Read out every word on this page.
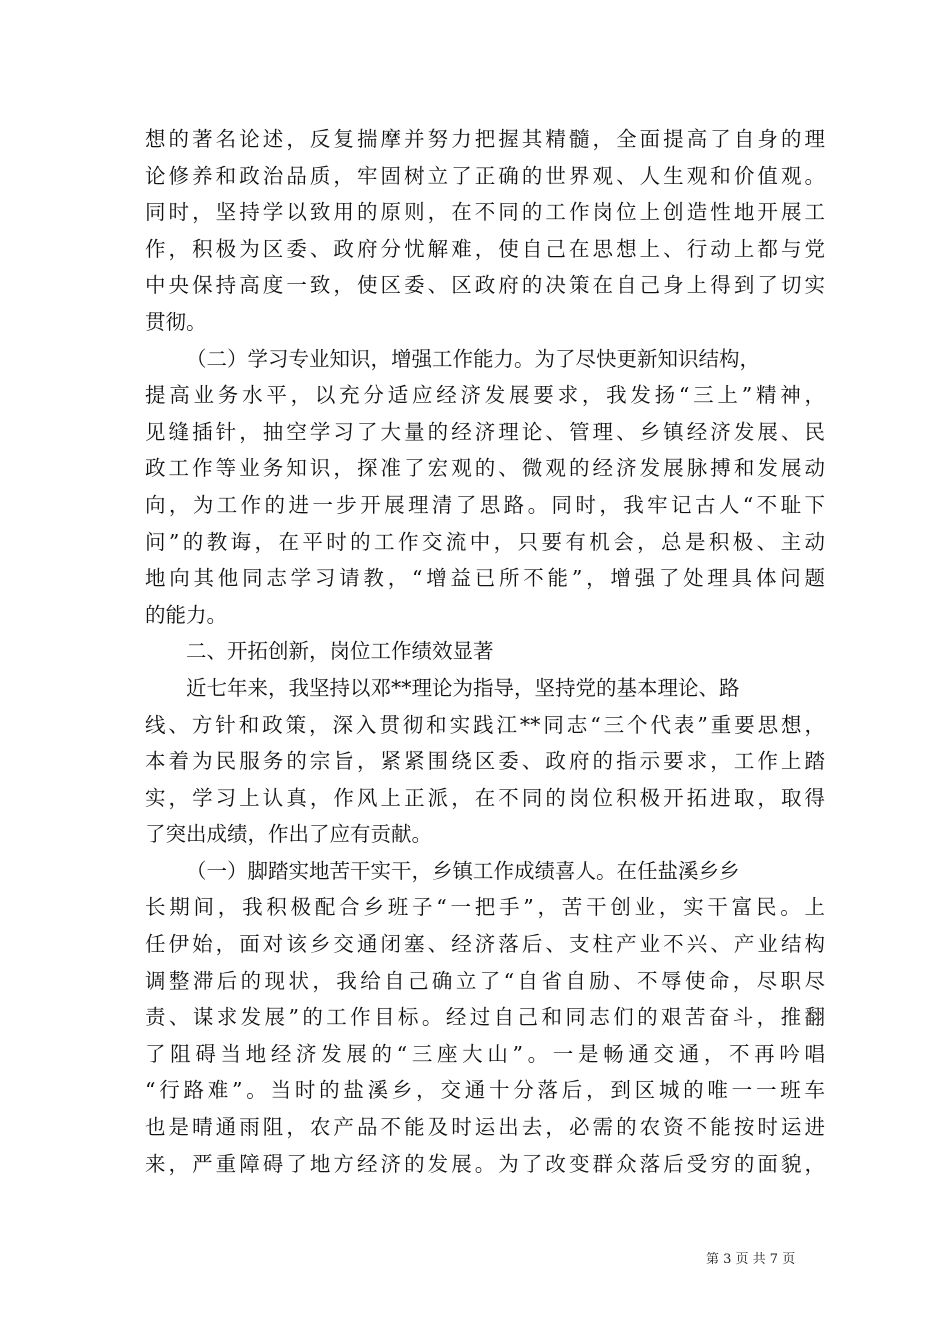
想的著名论述，反复揣摩并努力把握其精髓，全面提高了自身的理
论修养和政治品质，牢固树立了正确的世界观、人生观和价值观。
同时，坚持学以致用的原则，在不同的工作岗位上创造性地开展工
作，积极为区委、政府分忧解难，使自己在思想上、行动上都与党
中央保持高度一致，使区委、区政府的决策在自己身上得到了切实
贯彻。
（二）学习专业知识，增强工作能力。为了尽快更新知识结构，
提高业务水平，以充分适应经济发展要求，我发扬“三上”精神，
见缝插针，抽空学习了大量的经济理论、管理、乡镇经济发展、民
政工作等业务知识，探准了宏观的、微观的经济发展脉搏和发展动
向，为工作的进一步开展理清了思路。同时，我牢记古人“不耻下
问”的教诲，在平时的工作交流中，只要有机会，总是积极、主动
地向其他同志学习请教，“增益已所不能”，增强了处理具体问题
的能力。
二、开拓创新，岗位工作绩效显著
近七年来，我坚持以邓**理论为指导，坚持党的基本理论、路
线、方针和政策，深入贯彻和实践江**同志“三个代表”重要思想，
本着为民服务的宗旨，紧紧围绕区委、政府的指示要求，工作上踏
实，学习上认真，作风上正派，在不同的岗位积极开拓进取，取得
了突出成绩，作出了应有贡献。
（一）脚踏实地苦干实干，乡镇工作成绩喜人。在任盐溪乡乡
长期间，我积极配合乡班子“一把手”，苦干创业，实干富民。上
任伊始，面对该乡交通闭塞、经济落后、支柱产业不兴、产业结构
调整滞后的现状，我给自己确立了“自省自励、不辱使命，尽职尽
责、谋求发展”的工作目标。经过自己和同志们的艰苦奋斗，推翻
了阻碍当地经济发展的“三座大山”。一是畅通交通，不再吟唱
“行路难”。当时的盐溪乡，交通十分落后，到区城的唯一一班车
也是晴通雨阻，农产品不能及时运出去，必需的农资不能按时运进
来，严重障碍了地方经济的发展。为了改变群众落后受穷的面貌，
第 3 页 共 7 页
